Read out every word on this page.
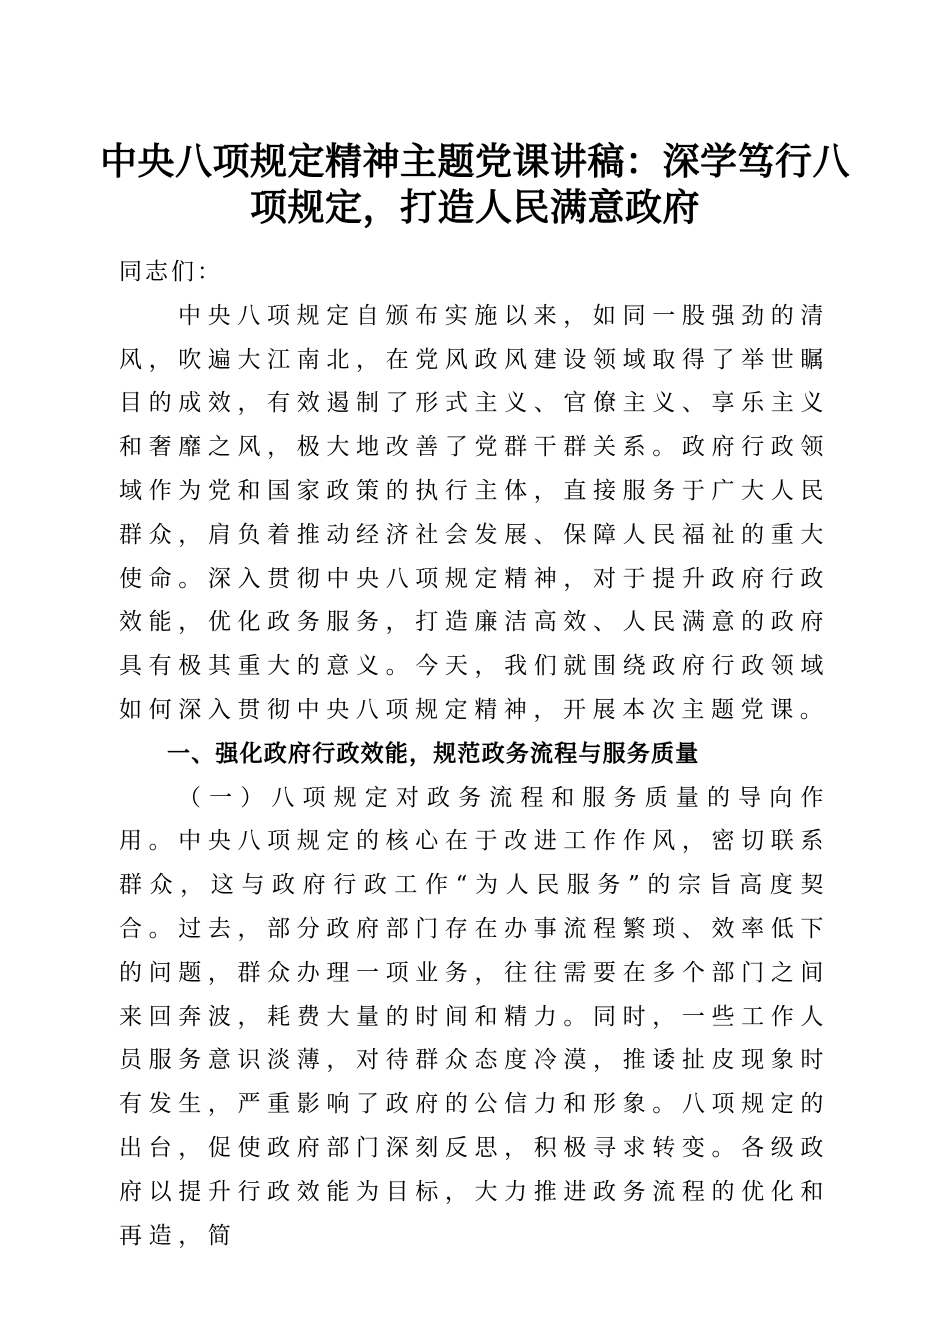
中央八项规定精神主题党课讲稿：深学笃行八项规定，打造人民满意政府

同志们：

中央八项规定自颁布实施以来，如同一股强劲的清风，吹遍大江南北，在党风政风建设领域取得了举世瞩目的成效，有效遏制了形式主义、官僚主义、享乐主义和奢靡之风，极大地改善了党群干群关系。政府行政领域作为党和国家政策的执行主体，直接服务于广大人民群众，肩负着推动经济社会发展、保障人民福祉的重大使命。深入贯彻中央八项规定精神，对于提升政府行政效能，优化政务服务，打造廉洁高效、人民满意的政府具有极其重大的意义。今天，我们就围绕政府行政领域如何深入贯彻中央八项规定精神，开展本次主题党课。

一、强化政府行政效能，规范政务流程与服务质量

（一）八项规定对政务流程和服务质量的导向作用。中央八项规定的核心在于改进工作作风，密切联系群众，这与政府行政工作“为人民服务”的宗旨高度契合。过去，部分政府部门存在办事流程繁琐、效率低下的问题，群众办理一项业务，往往需要在多个部门之间来回奔波，耗费大量的时间和精力。同时，一些工作人员服务意识淡薄，对待群众态度冷漠，推诿扯皮现象时有发生，严重影响了政府的公信力和形象。八项规定的出台，促使政府部门深刻反思，积极寻求转变。各级政府以提升行政效能为目标，大力推进政务流程的优化和再造，简
